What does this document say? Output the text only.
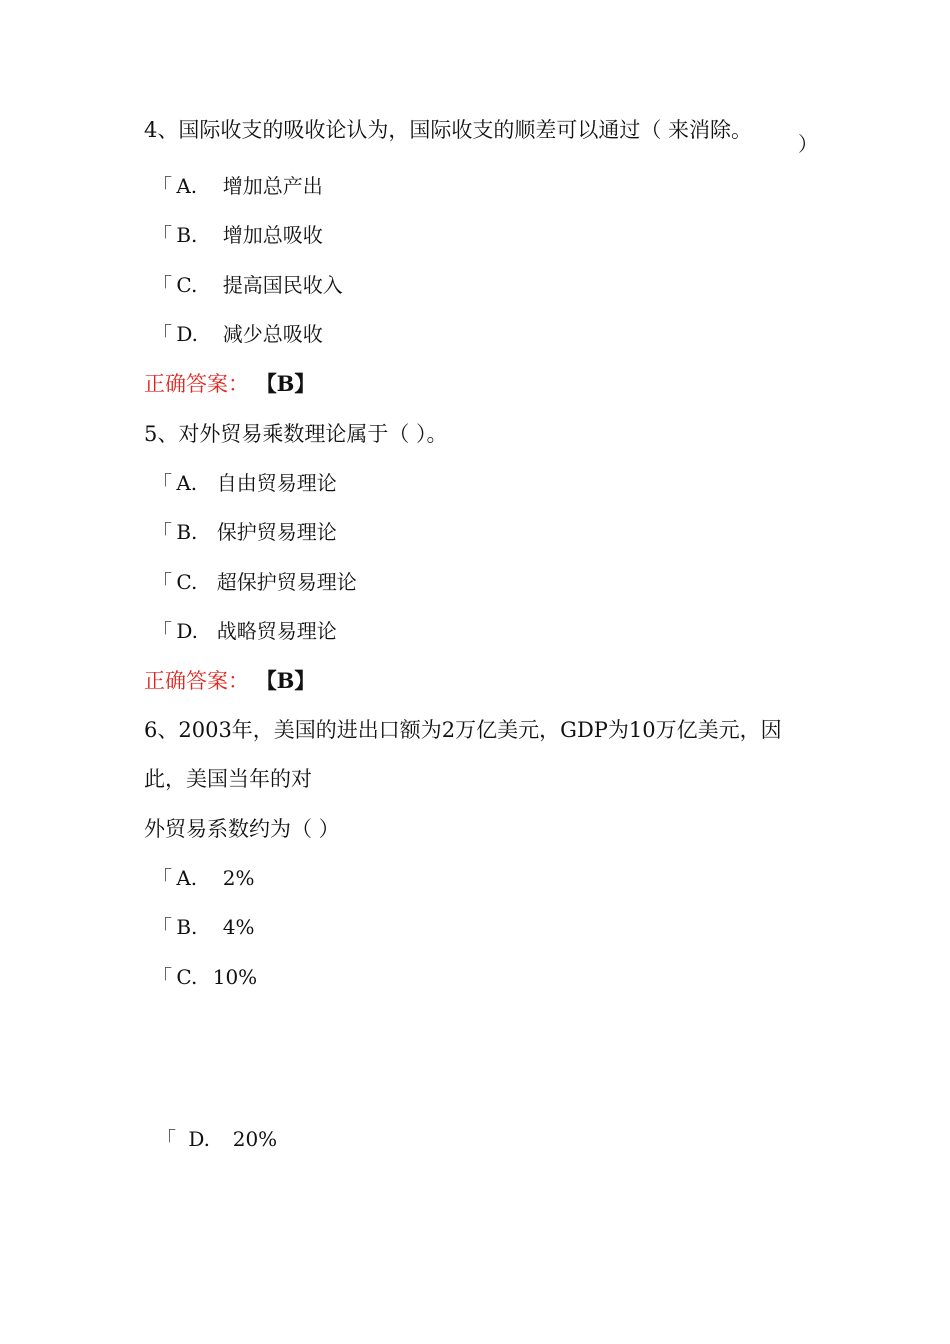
4、国际收支的吸收论认为，国际收支的顺差可以通过（ 来消除。
）
「 A. 增加总产出
「 B. 增加总吸收
「 C. 提高国民收入
「 D. 减少总吸收
正确答案： 【B】
5、对外贸易乘数理论属于（ ）。
「 A. 自由贸易理论
「 B. 保护贸易理论
「 C. 超保护贸易理论
「 D. 战略贸易理论
正确答案： 【B】
6、2003年，美国的进出口额为2万亿美元，GDP为10万亿美元，因
此，美国当年的对
外贸易系数约为（ ）
「 A. 2%
「 B. 4%
「 C. 10%
「 D. 20%
